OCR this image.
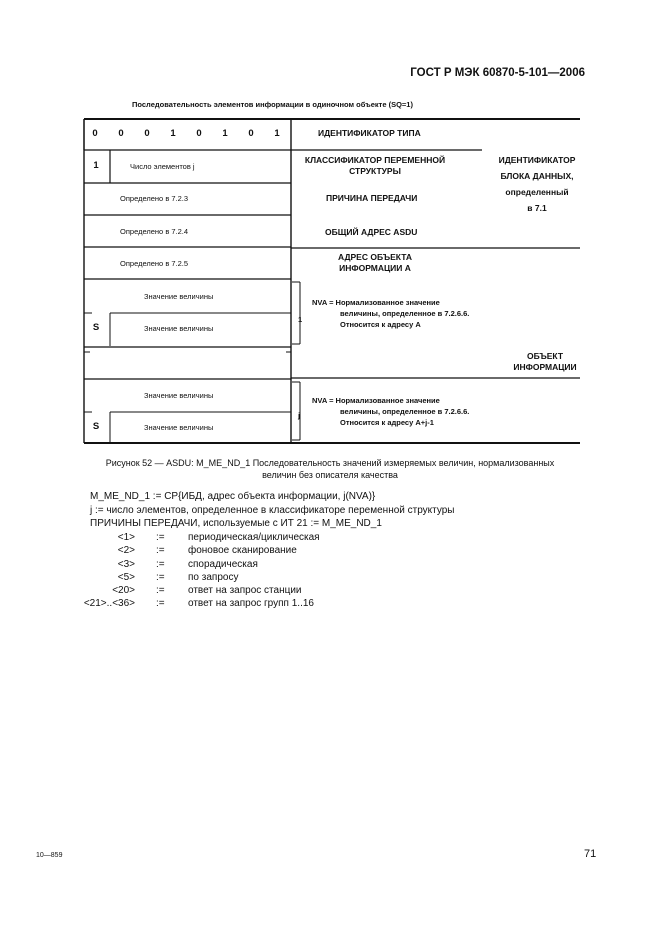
ГОСТ Р МЭК 60870-5-101—2006
Последовательность элементов информации в одиночном объекте (SQ=1)
0	0	0	1	0	1	0	1	ИДЕНТИФИКАТОР ТИПА
1	Число элементов j
КЛАССИФИКАТОР ПЕРЕМЕННОЙ СТРУКТУРЫ
Определено в 7.2.3	ПРИЧИНА ПЕРЕДАЧИ
Определено в 7.2.4	ОБЩИЙ АДРЕС ASDU
ИДЕНТИФИКАТОР
БЛОКА ДАННЫХ,
определенный
в 7.1
Определено в 7.2.5
АДРЕС ОБЪЕКТА ИНФОРМАЦИИ А
Значение величины
S	Значение величины
1
NVA = Нормализованное значение
величины, определенное в 7.2.6.6.
Относится к адресу А
ОБЪЕКТ
ИНФОРМАЦИИ
Значение величины
S	Значение величины
j
NVA = Нормализованное значение
величины, определенное в 7.2.6.6.
Относится к адресу А+j-1
Рисунок 52 — ASDU: M_ME_ND_1 Последовательность значений измеряемых величин, нормализованных
величин без описателя качества
M_ME_ND_1 := CP{ИБД, адрес объекта информации, j(NVA)}
j := число элементов, определенное в классификаторе переменной структуры
ПРИЧИНЫ ПЕРЕДАЧИ, используемые с ИТ 21 := M_ME_ND_1
<1> := периодическая/циклическая
<2> := фоновое сканирование
<3> := спорадическая
<5> := по запросу
<20> := ответ на запрос станции
<21>..<36> := ответ на запрос групп 1..16
10—859	71
